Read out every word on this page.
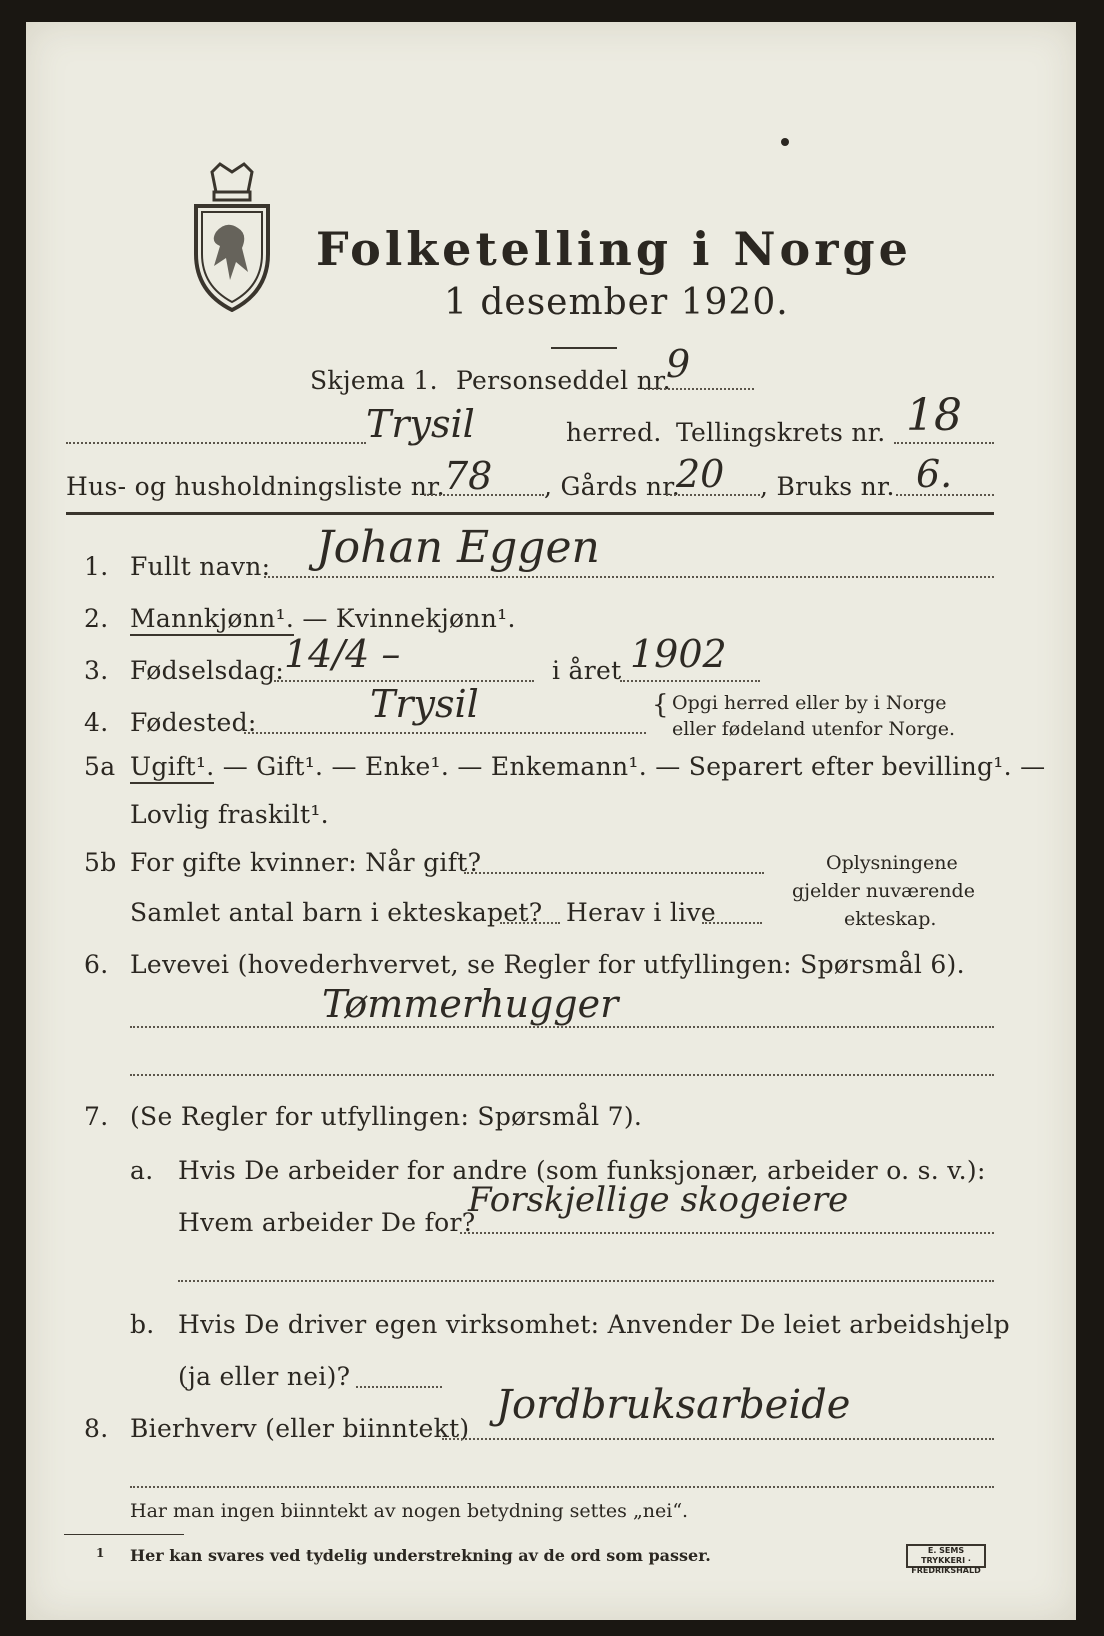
Folketelling i Norge
1 desember 1920.
Skjema 1. Personseddel nr.
9
Trysil	herred. Tellingskrets nr. 18
Hus- og husholdningsliste nr. 78 , Gårds nr.
20 , Bruks nr. 6.
1. Fullt navn: Johan Eggen
2. Mannkjønn¹. — Kvinnekjønn¹.
3. Fødselsdag: 14/4 –	i året 1902
4. Fødested:	Trysil	{ Opgi herred eller by i Norge
eller fødeland utenfor Norge.
5a Ugift¹. — Gift¹. — Enke¹. — Enkemann¹. — Separert efter bevilling¹. —
Lovlig fraskilt¹.
5b For gifte kvinner: Når gift?
Samlet antal barn i ekteskapet? Herav i live
Oplysningene
gjelder nuværende
ekteskap.
6. Levevei (hovederhvervet, se Regler for utfyllingen: Spørsmål 6).
Tømmerhugger
7. (Se Regler for utfyllingen: Spørsmål 7).
a. Hvis De arbeider for andre (som funksjonær, arbeider o. s. v.):
Hvem arbeider De for?
Forskjellige skogeiere
b. Hvis De driver egen virksomhet: Anvender De leiet arbeidshjelp
(ja eller nei)?
8. Bierhverv (eller biinntekt)
Jordbruksarbeide
Har man ingen biinntekt av nogen betydning settes „nei“.
1 Her kan svares ved tydelig understrekning av de ord som passer.	E. SEMS TRYKKERI · FREDRIKSHALD
